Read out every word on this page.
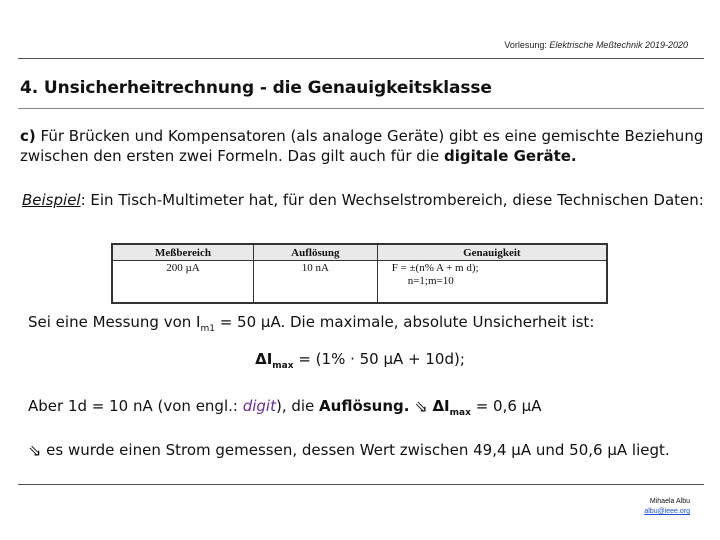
Vorlesung: Elektrische Meßtechnik 2019-2020
4. Unsicherheitrechnung - die Genauigkeitsklasse
c) Für Brücken und Kompensatoren (als analoge Geräte) gibt es eine gemischte Beziehung zwischen den ersten zwei Formeln. Das gilt auch für die digitale Geräte.
Beispiel: Ein Tisch-Multimeter hat, für den Wechselstrombereich, diese Technischen Daten:
Meßbereich	Auflösung	Genauigkeit
200 µA	10 nA	F = ±(n% A + m d);
n=1;m=10
Sei eine Messung von $I_{m1} = 50$ µA. Die maximale, absolute Unsicherheit ist:
$\Delta I_{max} = (1\% \cdot 50$ µA + 10d);
Aber 1d = 10 nA (von engl.: digit), die Auflösung. ⇘ $\Delta I_{max} = 0,6$ µA
⇘ es wurde einen Strom gemessen, dessen Wert zwischen 49,4 µA und 50,6 µA liegt.
Mihaela Albu
albu@ieee.org
